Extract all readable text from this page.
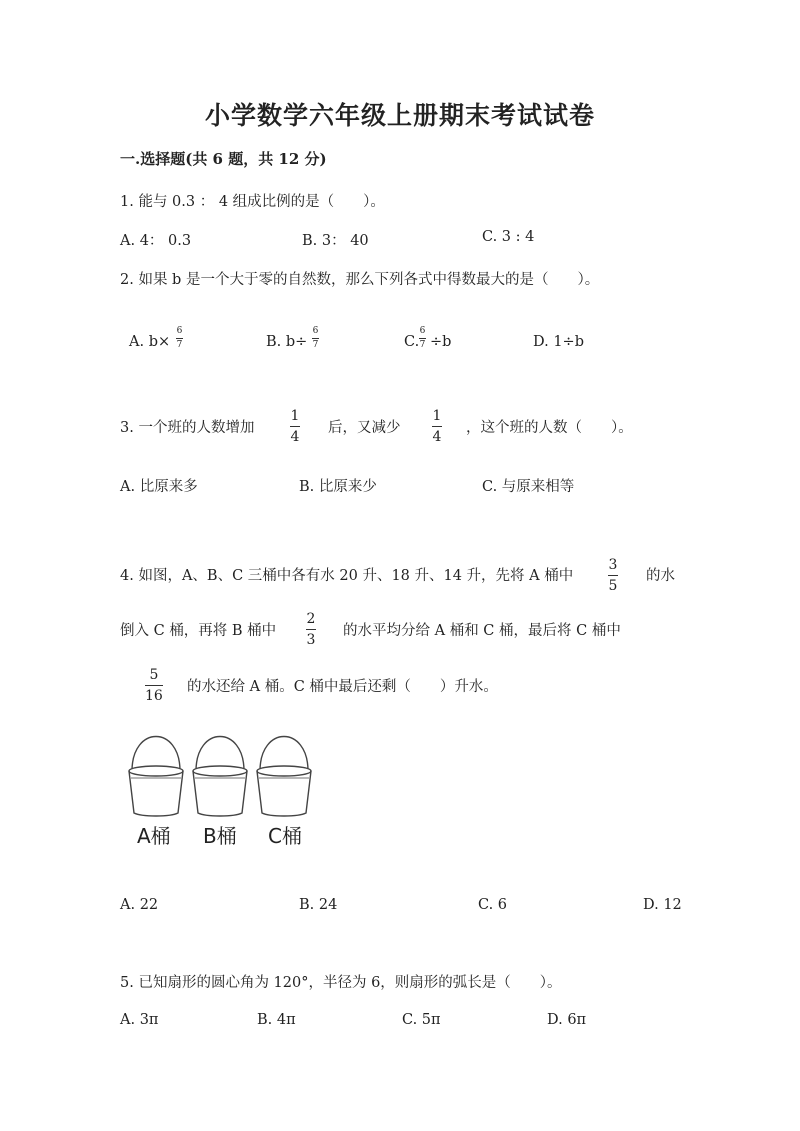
小学数学六年级上册期末考试试卷
一.选择题(共 6 题，共 12 分)
1. 能与 0.3 ： 4 组成比例的是（　　）。
A. 4： 0.3	B. 3： 40	C. 3 : 4
2. 如果 b 是一个大于零的自然数，那么下列各式中得数最大的是（　　）。
A. b×
6
7	B. b÷
6
7	C.
6
7 ÷b	D. 1÷b
3. 一个班的人数增加
1
4
后，又减少
1
4
，这个班的人数（　　）。
A. 比原来多	B. 比原来少	C. 与原来相等
4. 如图，A、B、C 三桶中各有水 20 升、18 升、14 升，先将 A 桶中
3
5
的水
倒入 C 桶，再将 B 桶中
2
3
的水平均分给 A 桶和 C 桶，最后将 C 桶中
5
16
的水还给 A 桶。C 桶中最后还剩（　　）升水。
A桶 B桶 C桶
A. 22	B. 24	C. 6	D. 12
5. 已知扇形的圆心角为 120°，半径为 6，则扇形的弧长是（　　）。
A. 3π	B. 4π	C. 5π	D. 6π
